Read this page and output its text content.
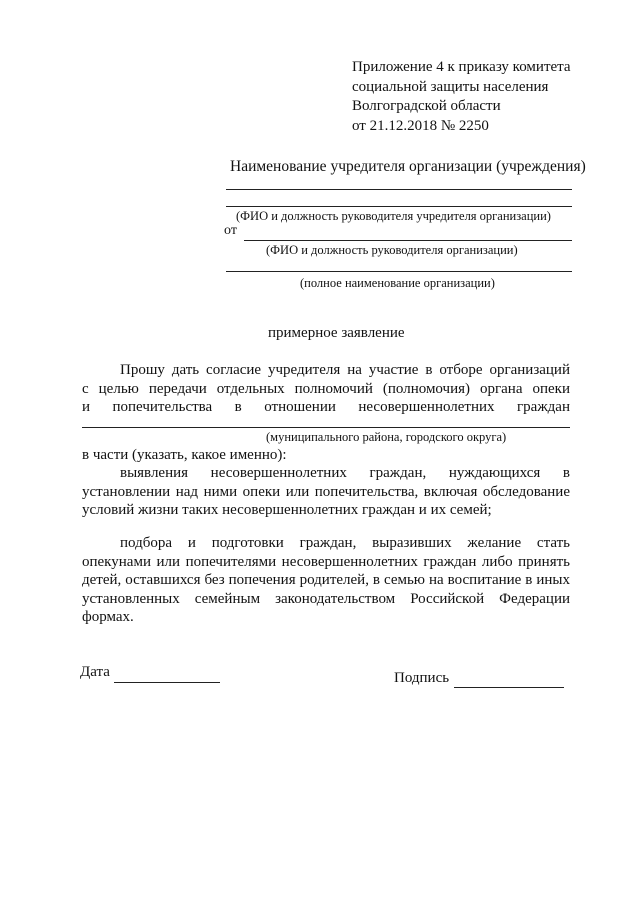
Приложение 4 к приказу комитета
социальной защиты населения
Волгоградской области
от 21.12.2018 № 2250
Наименование учредителя организации (учреждения)
(ФИО и должность руководителя учредителя организации)
от
(ФИО и должность руководителя организации)
(полное наименование организации)
примерное заявление
Прошу дать согласие учредителя на участие в отборе организаций
с целью передачи отдельных полномочий (полномочия) органа опеки
и попечительства в отношении несовершеннолетних граждан
(муниципального района, городского округа)
в части (указать, какое именно):
выявления несовершеннолетних граждан, нуждающихся в установлении над ними опеки или попечительства, включая обследование условий жизни таких несовершеннолетних граждан и их семей;
подбора и подготовки граждан, выразивших желание стать опекунами или попечителями несовершеннолетних граждан либо принять детей, оставшихся без попечения родителей, в семью на воспитание в иных установленных семейным законодательством Российской Федерации формах.
Дата	Подпись
